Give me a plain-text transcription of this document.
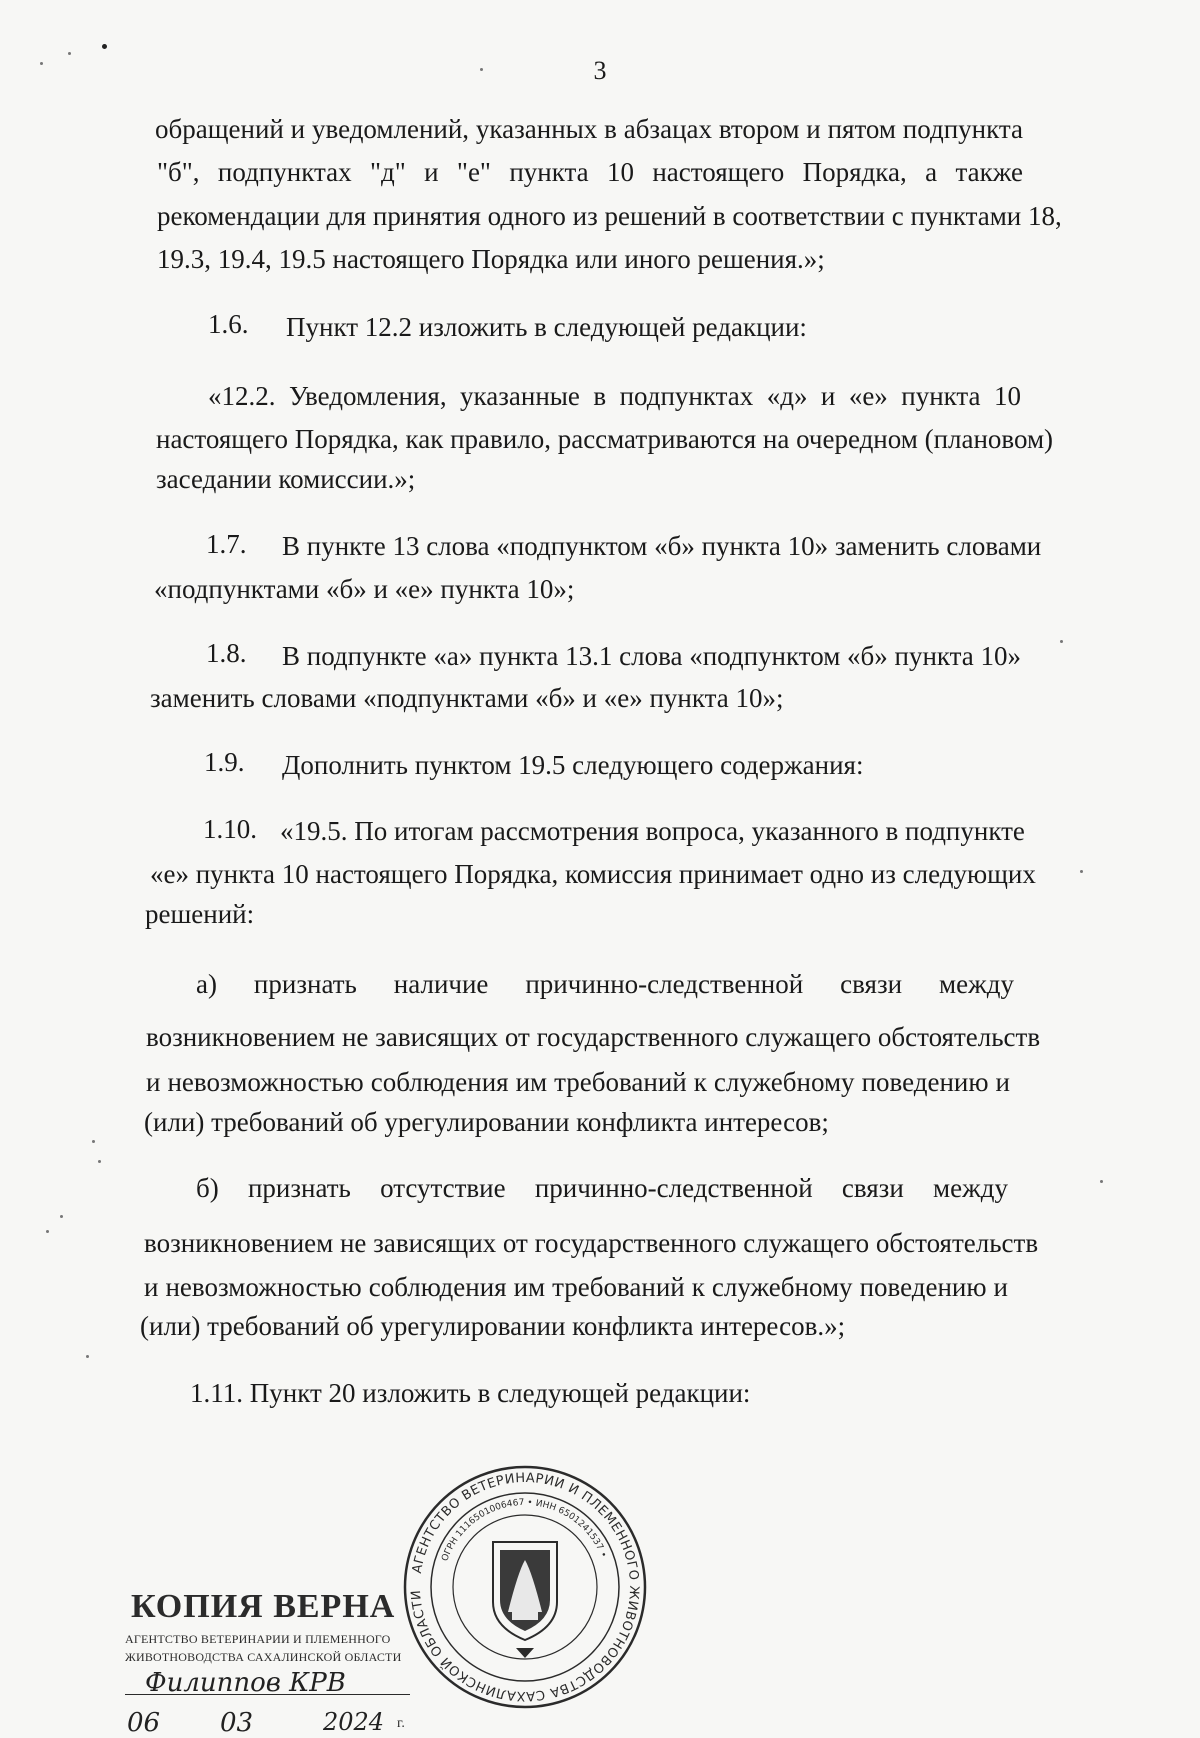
3
обращений и уведомлений, указанных в абзацах втором и пятом подпункта
"б", подпунктах "д" и "е" пункта 10 настоящего Порядка, а также
рекомендации для принятия одного из решений в соответствии с пунктами 18,
19.3, 19.4, 19.5 настоящего Порядка или иного решения.»;
1.6. Пункт 12.2 изложить в следующей редакции:
«12.2. Уведомления, указанные в подпунктах «д» и «е» пункта 10
настоящего Порядка, как правило, рассматриваются на очередном (плановом)
заседании комиссии.»;
1.7. В пункте 13 слова «подпунктом «б» пункта 10» заменить словами
«подпунктами «б» и «е» пункта 10»;
1.8. В подпункте «а» пункта 13.1 слова «подпунктом «б» пункта 10»
заменить словами «подпунктами «б» и «е» пункта 10»;
1.9. Дополнить пунктом 19.5 следующего содержания:
1.10. «19.5. По итогам рассмотрения вопроса, указанного в подпункте
«е» пункта 10 настоящего Порядка, комиссия принимает одно из следующих
решений:
а) признать наличие причинно-следственной связи между
возникновением не зависящих от государственного служащего обстоятельств
и невозможностью соблюдения им требований к служебному поведению и
(или) требований об урегулировании конфликта интересов;
б) признать отсутствие причинно-следственной связи между
возникновением не зависящих от государственного служащего обстоятельств
и невозможностью соблюдения им требований к служебному поведению и
(или) требований об урегулировании конфликта интересов.»;
1.11. Пункт 20 изложить в следующей редакции:
КОПИЯ ВЕРНА
АГЕНТСТВО ВЕТЕРИНАРИИ И ПЛЕМЕННОГО
ЖИВОТНОВОДСТВА САХАЛИНСКОЙ ОБЛАСТИ
Филиппов КРВ
06 03	2024 г.
АГЕНТСТВО ВЕТЕРИНАРИИ И ПЛЕМЕННОГО ЖИВОТНОВОДСТВА САХАЛИНСКОЙ ОБЛАСТИ
ОГРН 1116501006467 • ИНН 6501241537 •
